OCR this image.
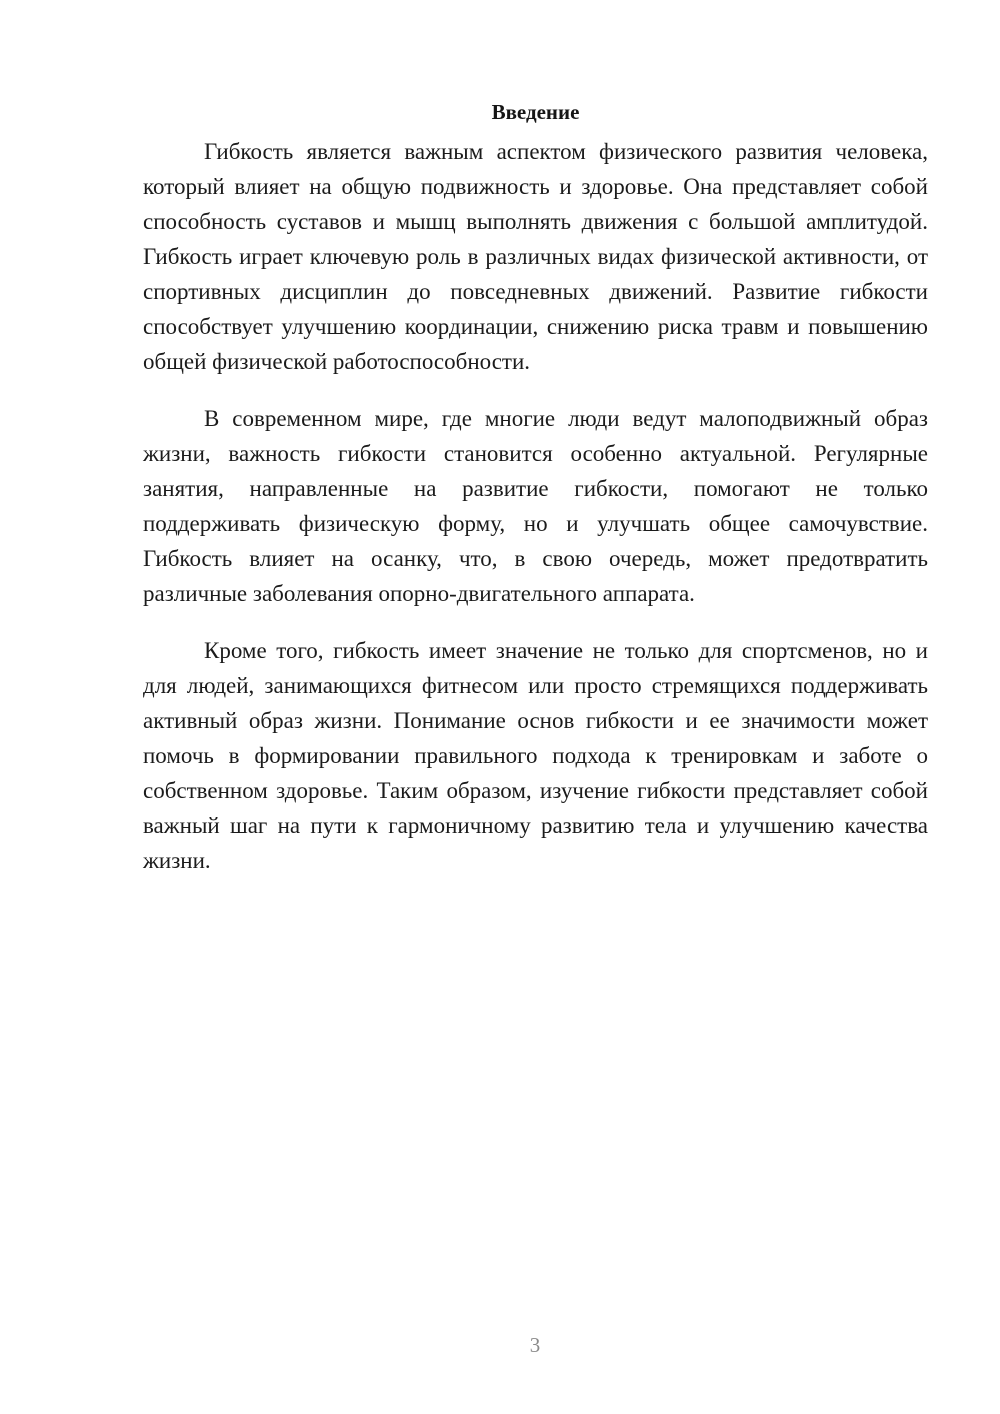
Введение

Гибкость является важным аспектом физического развития человека, который влияет на общую подвижность и здоровье. Она представляет собой способность суставов и мышц выполнять движения с большой амплитудой. Гибкость играет ключевую роль в различных видах физической активности, от спортивных дисциплин до повседневных движений. Развитие гибкости способствует улучшению координации, снижению риска травм и повышению общей физической работоспособности.

В современном мире, где многие люди ведут малоподвижный образ жизни, важность гибкости становится особенно актуальной. Регулярные занятия, направленные на развитие гибкости, помогают не только поддерживать физическую форму, но и улучшать общее самочувствие. Гибкость влияет на осанку, что, в свою очередь, может предотвратить различные заболевания опорно-двигательного аппарата.

Кроме того, гибкость имеет значение не только для спортсменов, но и для людей, занимающихся фитнесом или просто стремящихся поддерживать активный образ жизни. Понимание основ гибкости и ее значимости может помочь в формировании правильного подхода к тренировкам и заботе о собственном здоровье. Таким образом, изучение гибкости представляет собой важный шаг на пути к гармоничному развитию тела и улучшению качества жизни.

3
